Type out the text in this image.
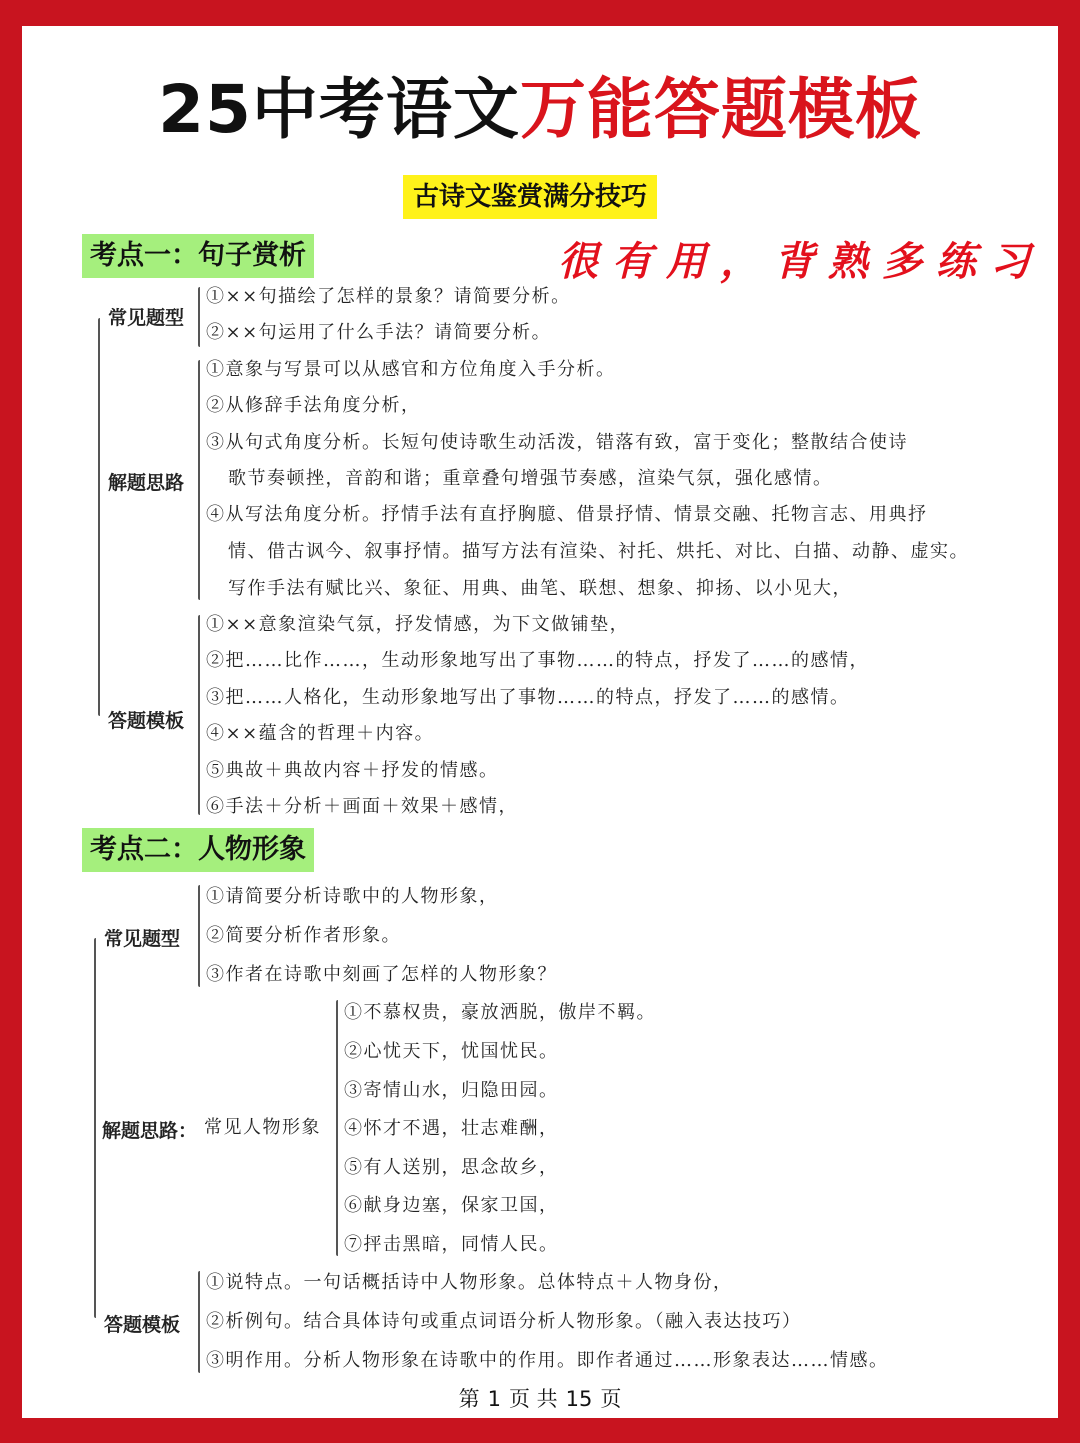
25中考语文万能答题模板
古诗文鉴赏满分技巧
考点一：句子赏析	很有用，背熟多练习
常见题型
①××句描绘了怎样的景象？请简要分析。
②××句运用了什么手法？请简要分析。
解题思路
①意象与写景可以从感官和方位角度入手分析。
②从修辞手法角度分析，
③从句式角度分析。长短句使诗歌生动活泼，错落有致，富于变化；整散结合使诗
歌节奏顿挫，音韵和谐；重章叠句增强节奏感，渲染气氛，强化感情。
④从写法角度分析。抒情手法有直抒胸臆、借景抒情、情景交融、托物言志、用典抒
情、借古讽今、叙事抒情。描写方法有渲染、衬托、烘托、对比、白描、动静、虚实。
写作手法有赋比兴、象征、用典、曲笔、联想、想象、抑扬、以小见大，
答题模板
①××意象渲染气氛，抒发情感，为下文做铺垫，
②把……比作……，生动形象地写出了事物……的特点，抒发了……的感情，
③把……人格化，生动形象地写出了事物……的特点，抒发了……的感情。
④××蕴含的哲理＋内容。
⑤典故＋典故内容＋抒发的情感。
⑥手法＋分析＋画面＋效果＋感情，
考点二：人物形象
常见题型
①请简要分析诗歌中的人物形象，
②简要分析作者形象。
③作者在诗歌中刻画了怎样的人物形象？
解题思路： 常见人物形象
①不慕权贵，豪放洒脱，傲岸不羁。
②心忧天下，忧国忧民。
③寄情山水，归隐田园。
④怀才不遇，壮志难酬，
⑤有人送别，思念故乡，
⑥献身边塞，保家卫国，
⑦抨击黑暗，同情人民。
答题模板
①说特点。一句话概括诗中人物形象。总体特点＋人物身份，
②析例句。结合具体诗句或重点词语分析人物形象。（融入表达技巧）
③明作用。分析人物形象在诗歌中的作用。即作者通过……形象表达……情感。
第 1 页 共 15 页
